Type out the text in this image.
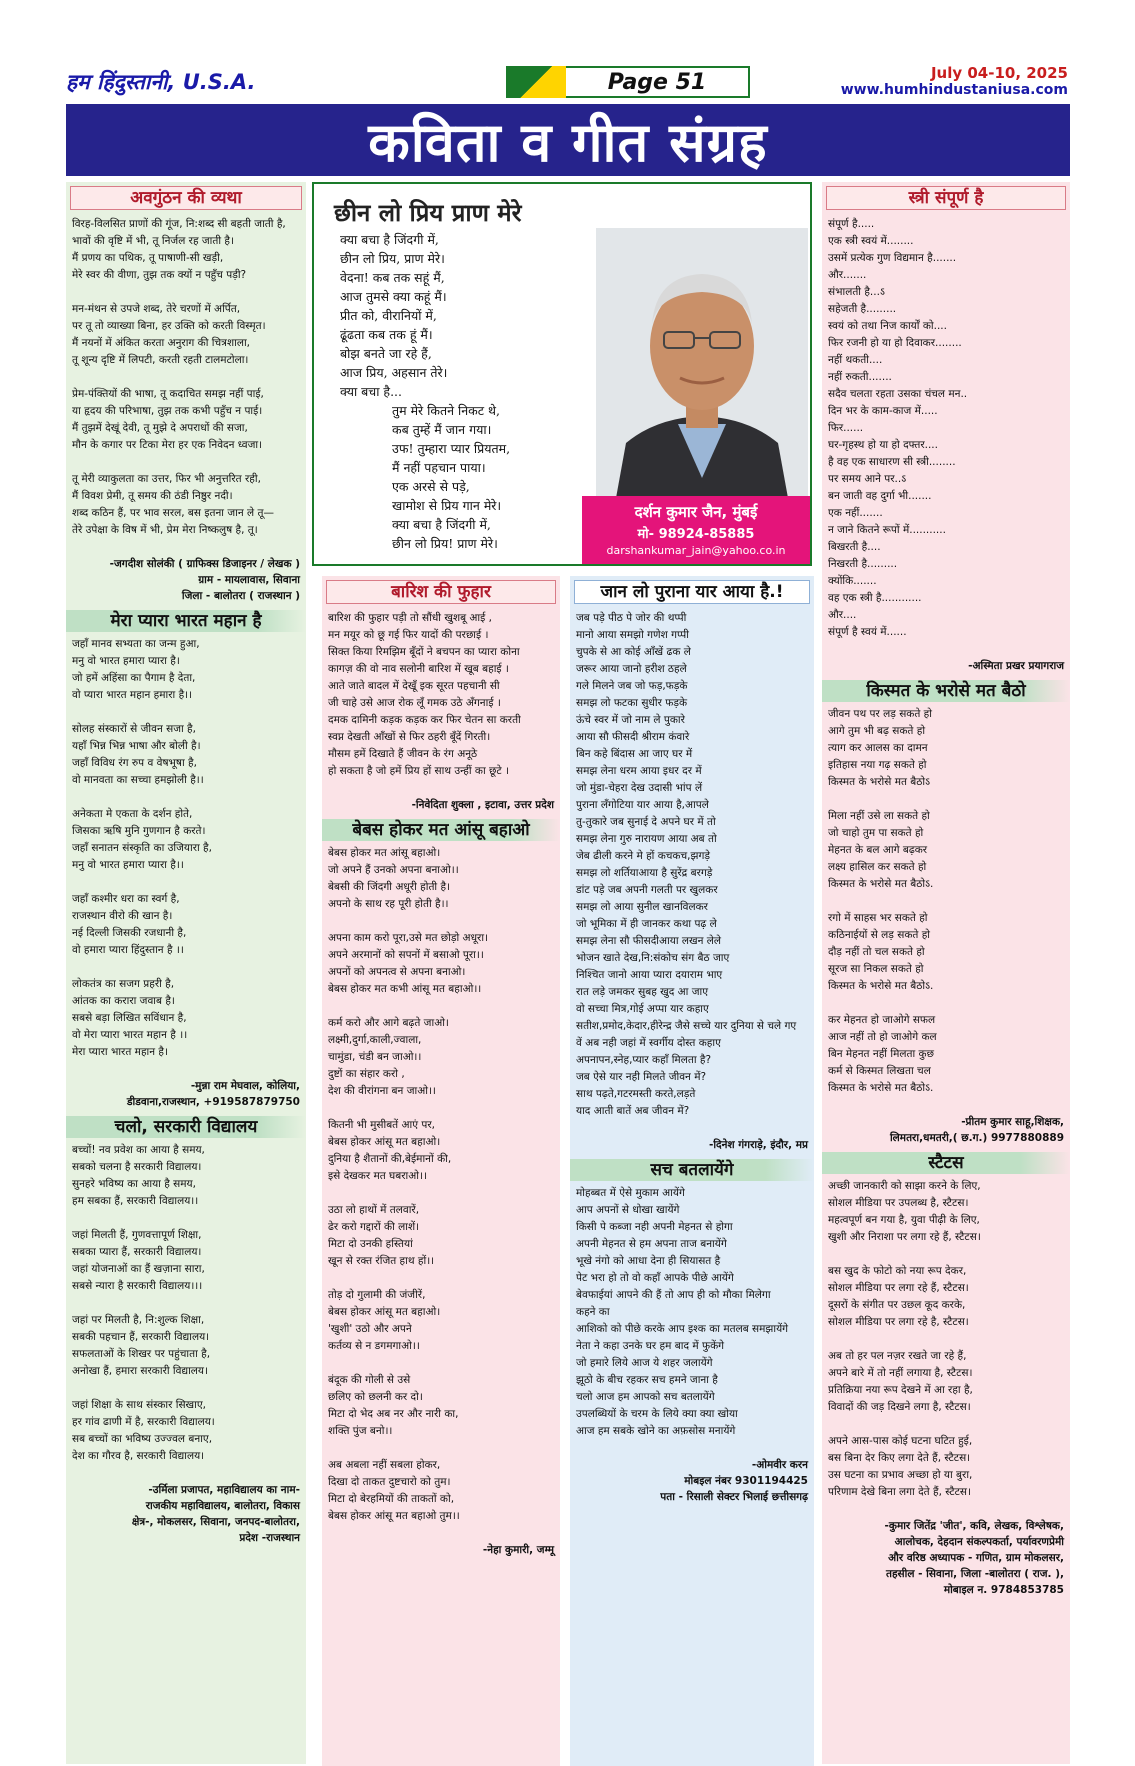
हम हिंदुस्तानी, U.S.A.	Page 51	July 04-10, 2025
www.humhindustaniusa.com
कविता व गीत संग्रह
अवगुंठन की व्यथा
विरह-विलसित प्राणों की गूंज, नि:शब्द सी बहती जाती है,
भावों की वृष्टि में भी, तू निर्जल रह जाती है।
मैं प्रणय का पथिक, तू पाषाणी-सी खड़ी,
मेरे स्वर की वीणा, तुझ तक क्यों न पहुँच पड़ी?
मन-मंथन से उपजे शब्द, तेरे चरणों में अर्पित,
पर तू तो व्याख्या बिना, हर उक्ति को करती विस्मृत।
मैं नयनों में अंकित करता अनुराग की चित्रशाला,
तू शून्य दृष्टि में लिपटी, करती रहती टालमटोला।
प्रेम-पंक्तियों की भाषा, तू कदाचित समझ नहीं पाई,
या हृदय की परिभाषा, तुझ तक कभी पहुँच न पाई।
मैं तुझमें देखूं देवी, तू मुझे दे अपराधों की सजा,
मौन के कगार पर टिका मेरा हर एक निवेदन ध्वजा।
तू मेरी व्याकुलता का उत्तर, फिर भी अनुत्तरित रही,
मैं विवश प्रेमी, तू समय की ठंडी निष्ठुर नदी।
शब्द कठिन हैं, पर भाव सरल, बस इतना जान ले तू—
तेरे उपेक्षा के विष में भी, प्रेम मेरा निष्कलुष है, तू।
-जगदीश सोलंकी ( ग्राफिक्स डिजाइनर / लेखक )
ग्राम - मायलावास, सिवाना
जिला - बालोतरा ( राजस्थान )
मेरा प्यारा भारत महान है
जहाँ मानव सभ्यता का जन्म हुआ,
मनु वो भारत हमारा प्यारा है।
जो हमें अहिंसा का पैगाम है देता,
वो प्यारा भारत महान हमारा है।।
सोलह संस्कारों से जीवन सजा है,
यहाँ भिन्न भिन्न भाषा और बोली है।
जहाँ विविध रंग रुप व वेषभूषा है,
वो मानवता का सच्चा हमझोली है।।
अनेकता मे एकता के दर्शन होते,
जिसका ऋषि मुनि गुणगान है करते।
जहाँ सनातन संस्कृति का उजियारा है,
मनु वो भारत हमारा प्यारा है।।
जहाँ कश्मीर धरा का स्वर्ग है,
राजस्थान वीरो की खान है।
नई दिल्ली जिसकी रजधानी है,
वो हमारा प्यारा हिंदुस्तान है ।।
लोकतंत्र का सजग प्रहरी है,
आंतक का करारा जवाब है।
सबसे बड़ा लिखित सविंधान है,
वो मेरा प्यारा भारत महान है ।।
मेरा प्यारा भारत महान है।
-मुन्ना राम मेघवाल, कोलिया,
डीडवाना,राजस्थान, +919587879750
चलो, सरकारी विद्यालय
बच्चों! नव प्रवेश का आया है समय,
सबको चलना है सरकारी विद्यालय।
सुनहरे भविष्य का आया है समय,
हम सबका हैं, सरकारी विद्यालय।।
जहां मिलती हैं, गुणवत्तापूर्ण शिक्षा,
सबका प्यारा हैं, सरकारी विद्यालय।
जहां योजनाओं का हैं खज़ाना सारा,
सबसे न्यारा है सरकारी विद्यालय।।।
जहां पर मिलती है, नि:शुल्क शिक्षा,
सबकी पहचान हैं, सरकारी विद्यालय।
सफलताओं के शिखर पर पहुंचाता है,
अनोखा हैं, हमारा सरकारी विद्यालय।
जहां शिक्षा के साथ संस्कार सिखाए,
हर गांव ढाणी में है, सरकारी विद्यालय।
सब बच्चों का भविष्य उज्ज्वल बनाए,
देश का गौरव है, सरकारी विद्यालय।
-उर्मिला प्रजापत, महाविद्यालय का नाम-
राजकीय महाविद्यालय, बालोतरा, विकास
क्षेत्र-, मोकलसर, सिवाना, जनपद-बालोतरा,
प्रदेश -राजस्थान
छीन लो प्रिय प्राण मेरे
क्या बचा है जिंदगी में,
छीन लो प्रिय, प्राण मेरे।
वेदना! कब तक सहूं मैं,
आज तुमसे क्या कहूं मैं।
प्रीत को, वीरानियों में,
ढूंढता कब तक हूं मैं।
बोझ बनते जा रहे हैं,
आज प्रिय, अहसान तेरे।
क्या बचा है...
तुम मेरे कितने निकट थे,
कब तुम्हें मैं जान गया।
उफ! तुम्हारा प्यार प्रियतम,
मैं नहीं पहचान पाया।
एक अरसे से पड़े,
खामोश से प्रिय गान मेरे।
क्या बचा है जिंदगी में,
छीन लो प्रिय! प्राण मेरे।
दर्शन कुमार जैन, मुंबई
मो- 98924-85885
darshankumar_jain@yahoo.co.in
बारिश की फुहार
बारिश की फुहार पड़ी तो सौंधी खुशबू आई ,
मन मयूर को छू गई फिर यादों की परछाई ।
सिक्त किया रिमझिम बूँदों ने बचपन का प्यारा कोना
कागज़ की वो नाव सलोनी बारिश में खूब बहाई ।
आते जाते बादल में देखूँ इक सूरत पहचानी सी
जी चाहे उसे आज रोक लूँ गमक उठे अँगनाई ।
दमक दामिनी कड़क कड़क कर फिर चेतन सा करती
स्वप्न देखती आँखों से फिर ठहरी बूँदें गिरती।
मौसम हमें दिखाते हैं जीवन के रंग अनूठे
हो सकता है जो हमें प्रिय हों साथ उन्हीं का छूटे ।
-निवेदिता शुक्ला , इटावा, उत्तर प्रदेश
बेबस होकर मत आंसू बहाओ
बेबस होकर मत आंसू बहाओ।
जो अपने हैं उनको अपना बनाओ।।
बेबसी की जिंदगी अधूरी होती है।
अपनो के साथ रह पूरी होती है।।
अपना काम करो पूरा,उसे मत छोड़ो अधूरा।
अपने अरमानों को सपनों में बसाओ पूरा।।
अपनों को अपनत्व से अपना बनाओ।
बेबस होकर मत कभी आंसू मत बहाओ।।
कर्म करो और आगे बढ़ते जाओ।
लक्ष्मी,दुर्गा,काली,ज्वाला,
चामुंडा, चंडी बन जाओ।।
दुष्टों का संहार करो ,
देश की वीरांगना बन जाओ।।
कितनी भी मुसीबतें आएं पर,
बेबस होकर आंसू मत बहाओ।
दुनिया है शैतानों की,बेईमानों की,
इसे देखकर मत घबराओ।।
उठा लो हाथों में तलवारें,
ढेर करो गद्दारों की लाशें।
मिटा दो उनकी हस्तियां
खून से रक्त रंजित हाथ हों।।
तोड़ दो गुलामी की जंजीरें,
बेबस होकर आंसू मत बहाओ।
'खुशी' उठो और अपने
कर्तव्य से न डगमगाओ।।
बंदूक की गोली से उसे
छलिए को छलनी कर दो।
मिटा दो भेद अब नर और नारी का,
शक्ति पुंज बनो।।
अब अबला नहीं सबला होकर,
दिखा दो ताकत दुष्टचारो को तुम।
मिटा दो बेरहमियों की ताकतों को,
बेबस होकर आंसू मत बहाओ तुम।।
-नेहा कुमारी, जम्मू
जान लो पुराना यार आया है.!
जब पड़े पीठ पे जोर की थप्पी
मानो आया समझो गणेश गप्पी
चुपके से आ कोई आँखें ढक ले
जरूर आया जानो हरीश ठहले
गले मिलने जब जो फड़,फड़के
समझ लो फटका सुधीर फड़के
ऊंचे स्वर में जो नाम ले पुकारे
आया सौ फीसदी श्रीराम कंवारे
बिन कहे बिंदास आ जाए घर में
समझ लेना धरम आया इधर दर में
जो मुंडा-चेहरा देख उदासी भांप लें
पुराना लँगोटिया यार आया है,आपले
तु-तुकारे जब सुनाई दे अपने घर में तो
समझ लेना गुरु नारायण आया अब तो
जेब ढीली करने मे हों कचकच,झगड़े
समझ लो शर्तियाआया है सुरेंद्र बरगड़े
डांट पड़े जब अपनी गलती पर खुलकर
समझ लो आया सुनील खानविलकर
जो भूमिका में ही जानकर कथा पढ़ ले
समझ लेना सौ फीसदीआया लखन लेले
भोजन खाते देख,नि:संकोच संग बैठ जाए
निश्चित जानो आया प्यारा दयाराम भाए
रात लड़े जमकर सुबह खुद आ जाए
वो सच्चा मित्र,गोई अप्पा यार कहाए
सतीश,प्रमोद,केदार,हीरेन्द्र जैसे सच्चे यार दुनिया से चले गए
वें अब नही जहां में स्वर्गीय दोस्त कहाए
अपनापन,स्नेह,प्यार कहाँ मिलता है?
जब ऐसे यार नही मिलते जीवन में?
साथ पढ़ते,गटरमस्ती करते,लड़ते
याद आती बातें अब जीवन में?
-दिनेश गंगराड़े, इंदौर, मप्र
सच बतलायेंगे
मोहब्बत में ऐसे मुकाम आयेंगे
आप अपनों से धोखा खायेंगे
किसी पे कब्जा नही अपनी मेहनत से होगा
अपनी मेहनत से हम अपना ताज बनायेंगे
भूखे नंगो को आधा देना ही सियासत है
पेट भरा हो तो वो कहाँ आपके पीछे आयेंगे
बेवफाईयां आपने की हैं तो आप ही को मौका मिलेगा
कहने का
आशिको को पीछे करके आप इश्क का मतलब समझायेंगे
नेता ने कहा उनके घर हम बाद में फुकेंगे
जो हमारे लिये आज ये शहर जलायेंगे
झूठो के बीच रहकर सच हमने जाना है
चलो आज हम आपको सच बतलायेंगे
उपलब्धियों के चरम के लिये क्या क्या खोया
आज हम सबके खोने का अफ़सोस मनायेंगे
-ओमवीर करन
मोबइल नंबर 9301194425
पता - रिसाली सेक्टर भिलाई छत्तीसगढ़
स्त्री संपूर्ण है
संपूर्ण है.....
एक स्त्री स्वयं में........
उसमें प्रत्येक गुण विद्यमान है.......
और.......
संभालती है...ऽ
सहेजती है.........
स्वयं को तथा निज कार्यों को....
फिर रजनी हो या हो दिवाकर........
नहीं थकती....
नहीं रुकती.......
सदैव चलता रहता उसका चंचल मन..
दिन भर के काम-काज में.....
फिर......
घर-गृहस्थ हो या हो दफ्तर....
है वह एक साधारण सी स्त्री........
पर समय आने पर..ऽ
बन जाती वह दुर्गा भी.......
एक नहीं.......
न जाने कितने रूपों में...........
बिखरती है....
निखरती है.........
क्योंकि.......
वह एक स्त्री है............
और....
संपूर्ण है स्वयं में......
-अस्मिता प्रखर प्रयागराज
किस्मत के भरोसे मत बैठो
जीवन पथ पर लड़ सकते हो
आगे तुम भी बढ़ सकते हो
त्याग कर आलस का दामन
इतिहास नया गढ़ सकते हो
किस्मत के भरोसे मत बैठोऽ
मिला नहीं उसे ला सकते हो
जो चाहो तुम पा सकते हो
मेहनत के बल आगे बढ़कर
लक्ष्य हासिल कर सकते हो
किस्मत के भरोसे मत बैठोऽ.
रगो में साहस भर सकते हो
कठिनाईयों से लड़ सकते हो
दौड़ नहीं तो चल सकते हो
सूरज सा निकल सकते हो
किस्मत के भरोसे मत बैठोऽ.
कर मेहनत हो जाओगे सफल
आज नहीं तो हो जाओगे कल
बिन मेहनत नहीं मिलता कुछ
कर्म से किस्मत लिखता चल
किस्मत के भरोसे मत बैठोऽ.
-प्रीतम कुमार साहू,शिक्षक,
लिमतरा,धमतरी,( छ.ग.) 9977880889
स्टैटस
अच्छी जानकारी को साझा करने के लिए,
सोशल मीडिया पर उपलब्ध है, स्टैटस।
महत्वपूर्ण बन गया है, युवा पीढ़ी के लिए,
खुशी और निराशा पर लगा रहे हैं, स्टैटस।
बस खुद के फोटो को नया रूप देकर,
सोशल मीडिया पर लगा रहे हैं, स्टैटस।
दूसरों के संगीत पर उछल कूद करके,
सोशल मीडिया पर लगा रहे है, स्टैटस।
अब तो हर पल नज़र रखते जा रहे हैं,
अपने बारे में तो नहीं लगाया है, स्टैटस।
प्रतिक्रिया नया रूप देखने में आ रहा है,
विवादों की जड़ दिखने लगा है, स्टैटस।
अपने आस-पास कोई घटना घटित हुई,
बस बिना देर किए लगा देते हैं, स्टैटस।
उस घटना का प्रभाव अच्छा हो या बुरा,
परिणाम देखे बिना लगा देते हैं, स्टैटस।
-कुमार जितेंद्र 'जीत', कवि, लेखक, विश्लेषक,
आलोचक, देहदान संकल्पकर्ता, पर्यावरणप्रेमी
और वरिष्ठ अध्यापक - गणित, ग्राम मोकलसर,
तहसील - सिवाना, जिला -बालोतरा ( राज. ),
मोबाइल न. 9784853785
